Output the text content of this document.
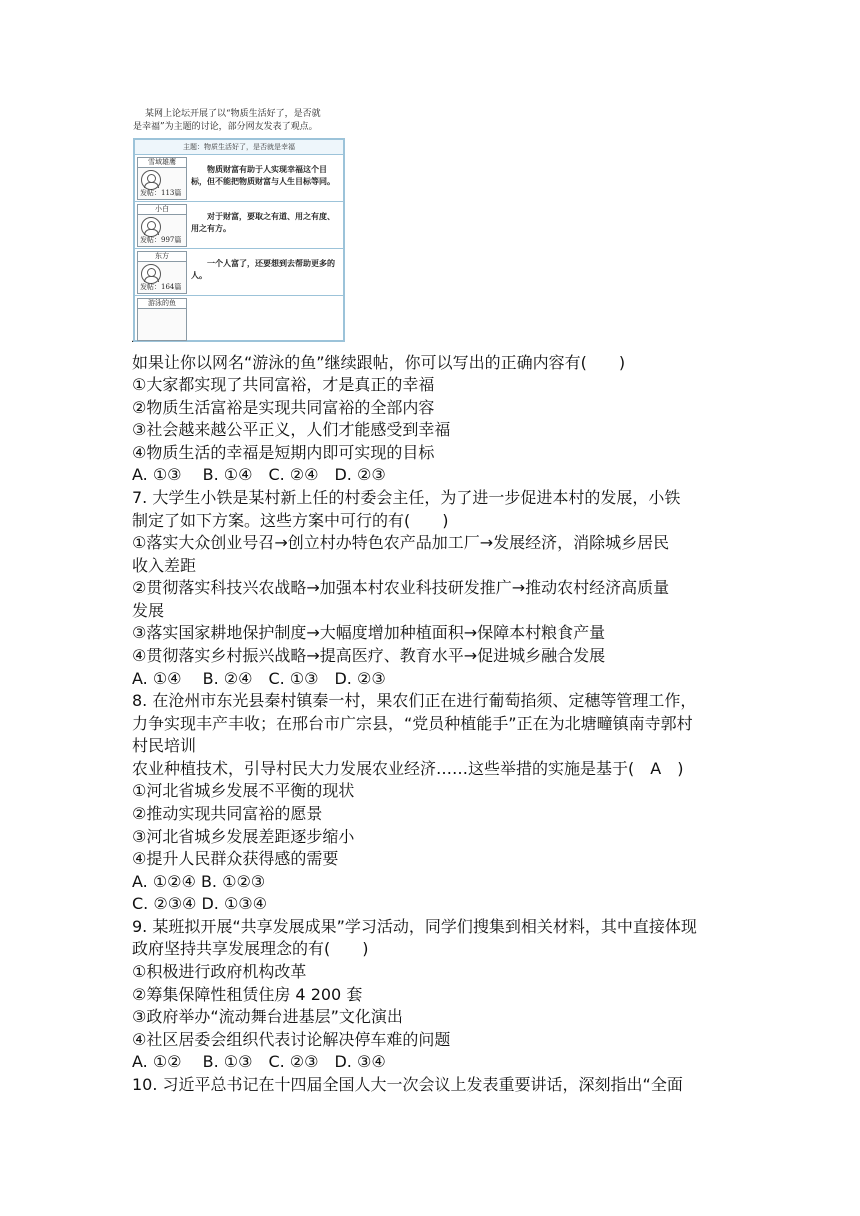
某网上论坛开展了以“物质生活好了，是否就
是幸福”为主题的讨论，部分网友发表了观点。
主题：物质生活好了，是否就是幸福
雪域雄鹰
发帖：113篇
物质财富有助于人实现幸福这个目标，但不能把物质财富与人生目标等同。
小白
发帖：997篇
对于财富，要取之有道、用之有度、用之有方。
东方
发帖：164篇
一个人富了，还要想到去帮助更多的人。
游泳的鱼
.
如果让你以网名“游泳的鱼”继续跟帖，你可以写出的正确内容有(　　)
①大家都实现了共同富裕，才是真正的幸福
②物质生活富裕是实现共同富裕的全部内容
③社会越来越公平正义，人们才能感受到幸福
④物质生活的幸福是短期内即可实现的目标
A. ①③　 B. ①④　C. ②④　D. ②③
7. 大学生小铁是某村新上任的村委会主任，为了进一步促进本村的发展，小铁
制定了如下方案。这些方案中可行的有(　　)
①落实大众创业号召→创立村办特色农产品加工厂→发展经济，消除城乡居民
收入差距
②贯彻落实科技兴农战略→加强本村农业科技研发推广→推动农村经济高质量
发展
③落实国家耕地保护制度→大幅度增加种植面积→保障本村粮食产量
④贯彻落实乡村振兴战略→提高医疗、教育水平→促进城乡融合发展
A. ①④　 B. ②④　C. ①③　D. ②③
8. 在沧州市东光县秦村镇秦一村，果农们正在进行葡萄掐须、定穗等管理工作，
力争实现丰产丰收；在邢台市广宗县，“党员种植能手”正在为北塘疃镇南寺郭村
村民培训
农业种植技术，引导村民大力发展农业经济……这些举措的实施是基于(　A　)
①河北省城乡发展不平衡的现状
②推动实现共同富裕的愿景
③河北省城乡发展差距逐步缩小
④提升人民群众获得感的需要
A. ①②④ B. ①②③
C. ②③④ D. ①③④
9. 某班拟开展“共享发展成果”学习活动，同学们搜集到相关材料，其中直接体现
政府坚持共享发展理念的有(　　)
①积极进行政府机构改革
②筹集保障性租赁住房 4 200 套
③政府举办“流动舞台进基层”文化演出
④社区居委会组织代表讨论解决停车难的问题
A. ①②　 B. ①③　C. ②③　D. ③④
10. 习近平总书记在十四届全国人大一次会议上发表重要讲话，深刻指出“全面
